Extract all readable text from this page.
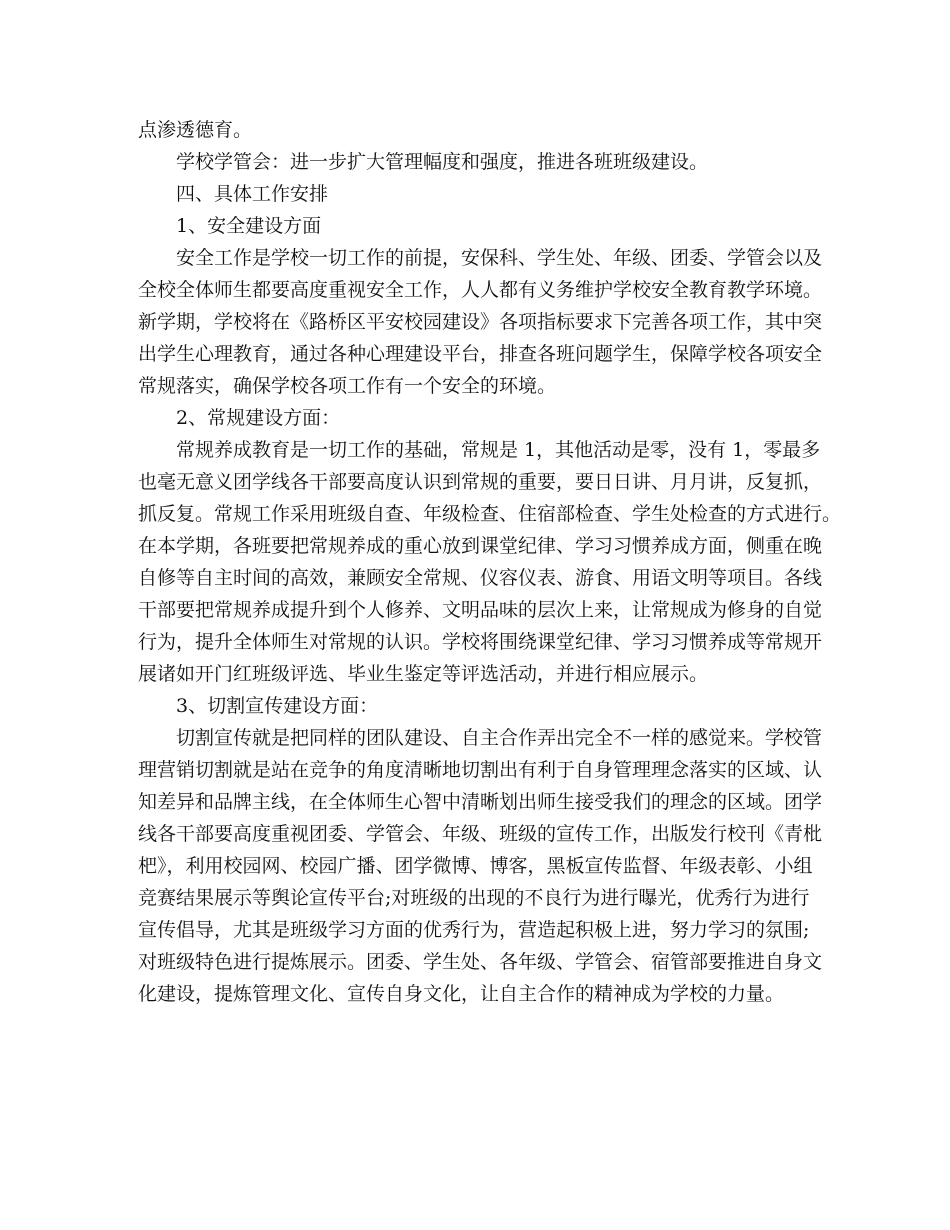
点渗透德育。
学校学管会：进一步扩大管理幅度和强度，推进各班班级建设。
四、具体工作安排
1、安全建设方面
安全工作是学校一切工作的前提，安保科、学生处、年级、团委、学管会以及
全校全体师生都要高度重视安全工作，人人都有义务维护学校安全教育教学环境。
新学期，学校将在《路桥区平安校园建设》各项指标要求下完善各项工作，其中突
出学生心理教育，通过各种心理建设平台，排查各班问题学生，保障学校各项安全
常规落实，确保学校各项工作有一个安全的环境。
2、常规建设方面：
常规养成教育是一切工作的基础，常规是 1，其他活动是零，没有 1，零最多
也毫无意义团学线各干部要高度认识到常规的重要，要日日讲、月月讲，反复抓，
抓反复。常规工作采用班级自查、年级检查、住宿部检查、学生处检查的方式进行。
在本学期，各班要把常规养成的重心放到课堂纪律、学习习惯养成方面，侧重在晚
自修等自主时间的高效，兼顾安全常规、仪容仪表、游食、用语文明等项目。各线
干部要把常规养成提升到个人修养、文明品味的层次上来，让常规成为修身的自觉
行为，提升全体师生对常规的认识。学校将围绕课堂纪律、学习习惯养成等常规开
展诸如开门红班级评选、毕业生鉴定等评选活动，并进行相应展示。
3、切割宣传建设方面：
切割宣传就是把同样的团队建设、自主合作弄出完全不一样的感觉来。学校管
理营销切割就是站在竞争的角度清晰地切割出有利于自身管理理念落实的区域、认
知差异和品牌主线，在全体师生心智中清晰划出师生接受我们的理念的区域。团学
线各干部要高度重视团委、学管会、年级、班级的宣传工作，出版发行校刊《青枇
杷》，利用校园网、校园广播、团学微博、博客，黑板宣传监督、年级表彰、小组
竞赛结果展示等舆论宣传平台;对班级的出现的不良行为进行曝光，优秀行为进行
宣传倡导，尤其是班级学习方面的优秀行为，营造起积极上进，努力学习的氛围;
对班级特色进行提炼展示。团委、学生处、各年级、学管会、宿管部要推进自身文
化建设，提炼管理文化、宣传自身文化，让自主合作的精神成为学校的力量。
